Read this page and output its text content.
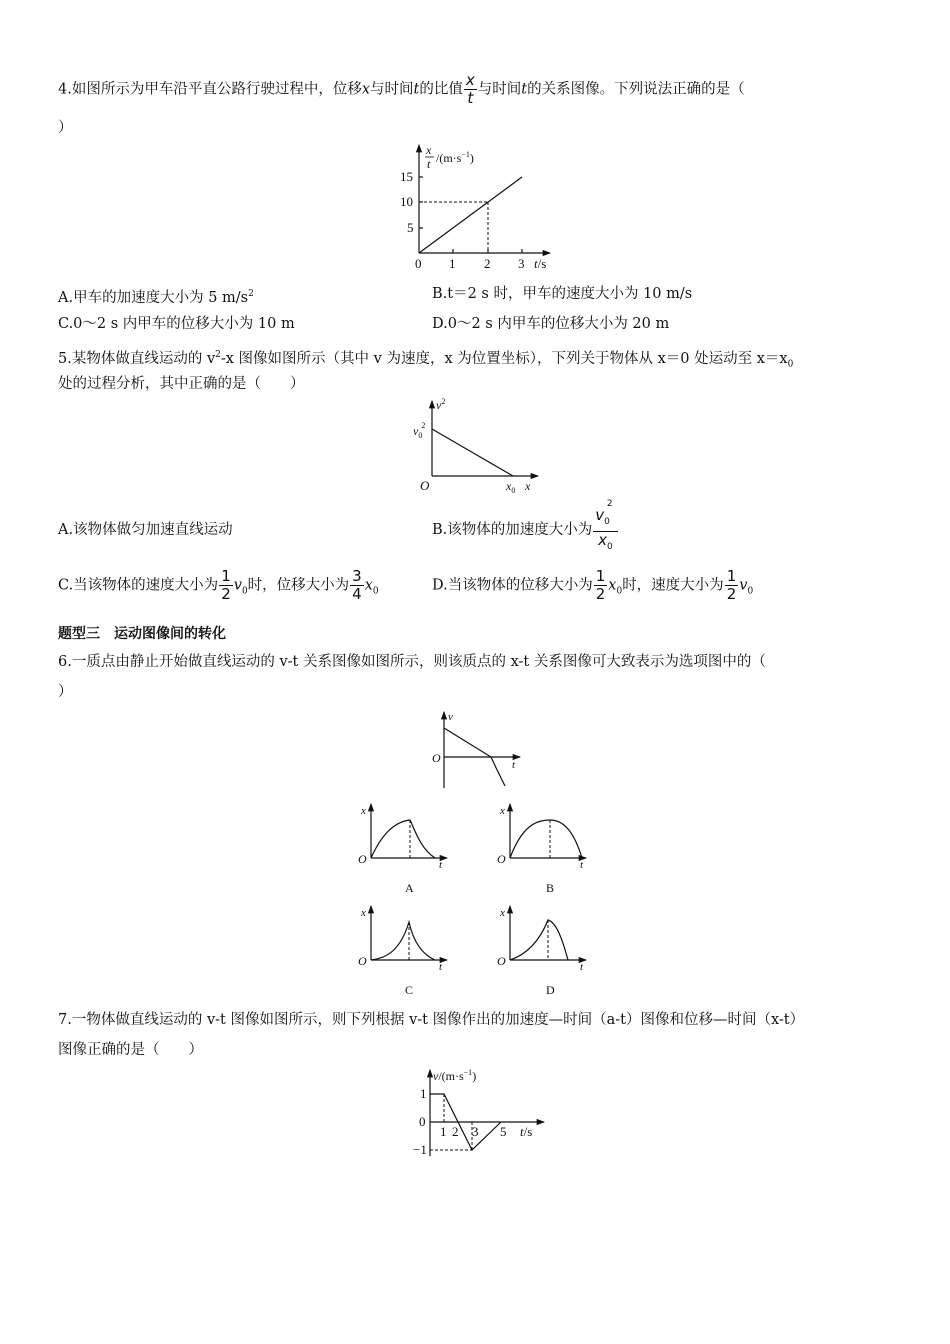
4.如图所示为甲车沿平直公路行驶过程中，位移x与时间t的比值 $\frac{x}{t}$ 与时间t的关系图像。下列说法正确的是（
）
x
t $/(m\cdot s^{-1})$
15
10
5
0 1 2 3 t/s
A.甲车的加速度大小为 5 $m/s^2$	B.t＝2 s 时，甲车的速度大小为 10 m/s
C.0～2 s 内甲车的位移大小为 10 m	D.0～2 s 内甲车的位移大小为 20 m
5.某物体做直线运动的 $v^2-x$ 图像如图所示（其中 v 为速度，x 为位置坐标），下列关于物体从 x＝0 处运动至 $x=x_0$
处的过程分析，其中正确的是（　　）
$v^2$
$v_02$
O	$x_0$ x
A.该物体做匀加速直线运动	B.该物体的加速度大小为 $\frac{v_0^2}{x_0}$
C.当该物体的速度大小为 $\frac{1}{2} v_0$时，位移大小为 $\frac{3}{4} x_0$	D.当该物体的位移大小为 $\frac{1}{2} x_0$时，速度大小为 $\frac{1}{2} v_0$
题型三　运动图像间的转化
6.一质点由静止开始做直线运动的 v-t 关系图像如图所示，则该质点的 x-t 关系图像可大致表示为选项图中的（
）
v
O	t
x
O	t
A
x
O	t
B
x
O	t
C
x
O	t
D
7.一物体做直线运动的 v-t 图像如图所示，则下列根据 v-t 图像作出的加速度—时间（a-t）图像和位移—时间（x-t）
图像正确的是（　　）
$v/(m\cdot s^{-1})$
1
0
−1
1 2 3 5 t/s
